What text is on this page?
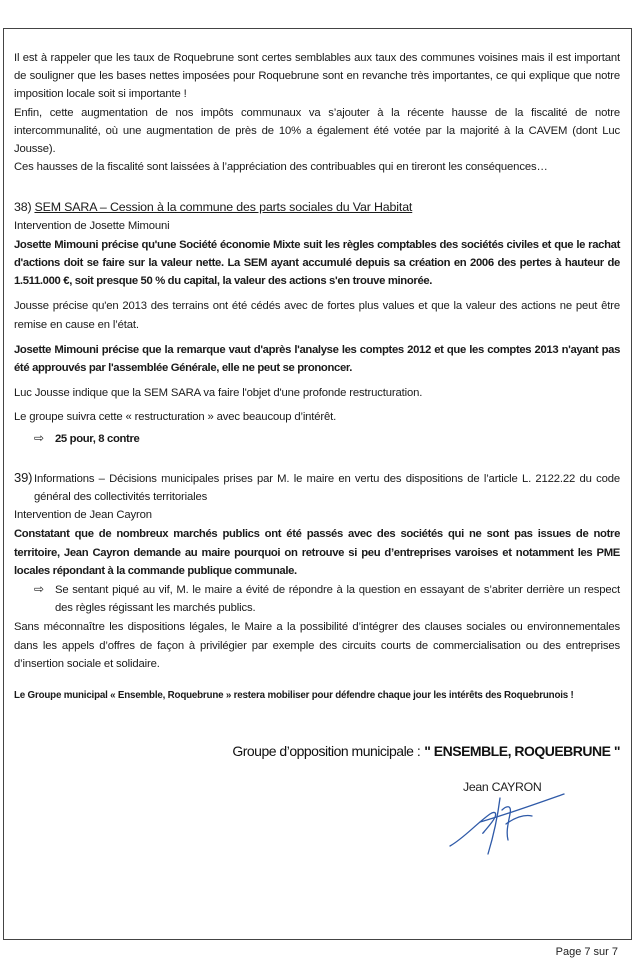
Il est à rappeler que les taux de Roquebrune sont certes semblables aux taux des communes voisines mais il est important de souligner que les bases nettes imposées pour Roquebrune sont en revanche très importantes, ce qui explique que notre imposition locale soit si importante !

Enfin, cette augmentation de nos impôts communaux va s’ajouter à la récente hausse de la fiscalité de notre intercommunalité, où une augmentation de près de 10% a également été votée par la majorité à la CAVEM (dont Luc Jousse).

Ces hausses de la fiscalité sont laissées à l’appréciation des contribuables qui en tireront les conséquences…

38) SEM SARA – Cession à la commune des parts sociales du Var Habitat

Intervention de Josette Mimouni

Josette Mimouni précise qu'une Société économie Mixte suit les règles comptables des sociétés civiles et que le rachat d'actions doit se faire sur la valeur nette. La SEM ayant accumulé depuis sa création en 2006 des pertes à hauteur de 1.511.000 €, soit presque 50 % du capital, la valeur des actions s'en trouve minorée.

Jousse précise qu'en 2013 des terrains ont été cédés avec de fortes plus values et que la valeur des actions ne peut être remise en cause en l’état.

Josette Mimouni précise que la remarque vaut d'après l'analyse les comptes 2012 et que les comptes 2013 n'ayant pas été approuvés par l'assemblée Générale, elle ne peut se prononcer.

Luc Jousse indique que la SEM SARA va faire l'objet d'une profonde restructuration.

Le groupe suivra cette « restructuration » avec beaucoup d’intérêt.

⇨25 pour, 8 contre

39) Informations – Décisions municipales prises par M. le maire en vertu des dispositions de l’article L. 2122.22 du code général des collectivités territoriales

Intervention de Jean Cayron

Constatant que de nombreux marchés publics ont été passés avec des sociétés qui ne sont pas issues de notre territoire, Jean Cayron demande au maire pourquoi on retrouve si peu d’entreprises varoises et notamment les PME locales répondant à la commande publique communale.

⇨Se sentant piqué au vif, M. le maire a évité de répondre à la question en essayant de s’abriter derrière un respect des règles régissant les marchés publics.

Sans méconnaître les dispositions légales, le Maire a la possibilité d’intégrer des clauses sociales ou environnementales dans les appels d’offres de façon à privilégier par exemple des circuits courts de commercialisation ou des entreprises d’insertion sociale et solidaire.

Le Groupe municipal « Ensemble, Roquebrune » restera mobiliser pour défendre chaque jour les intérêts des Roquebrunois !

Groupe d’opposition municipale : " ENSEMBLE, ROQUEBRUNE "
Jean CAYRON
Page 7 sur 7
